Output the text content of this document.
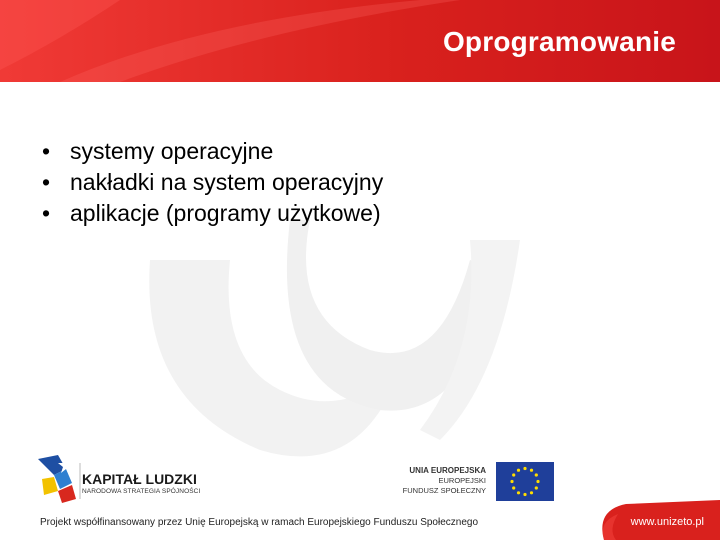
Oprogramowanie
• systemy operacyjne
• nakładki na system operacyjny
• aplikacje (programy użytkowe)
KAPITAŁ LUDZKI
NARODOWA STRATEGIA SPÓJNOŚCI
UNIA EUROPEJSKA
EUROPEJSKI
FUNDUSZ SPOŁECZNY
Projekt współfinansowany przez Unię Europejską w ramach Europejskiego Funduszu Społecznego	www.unizeto.pl
